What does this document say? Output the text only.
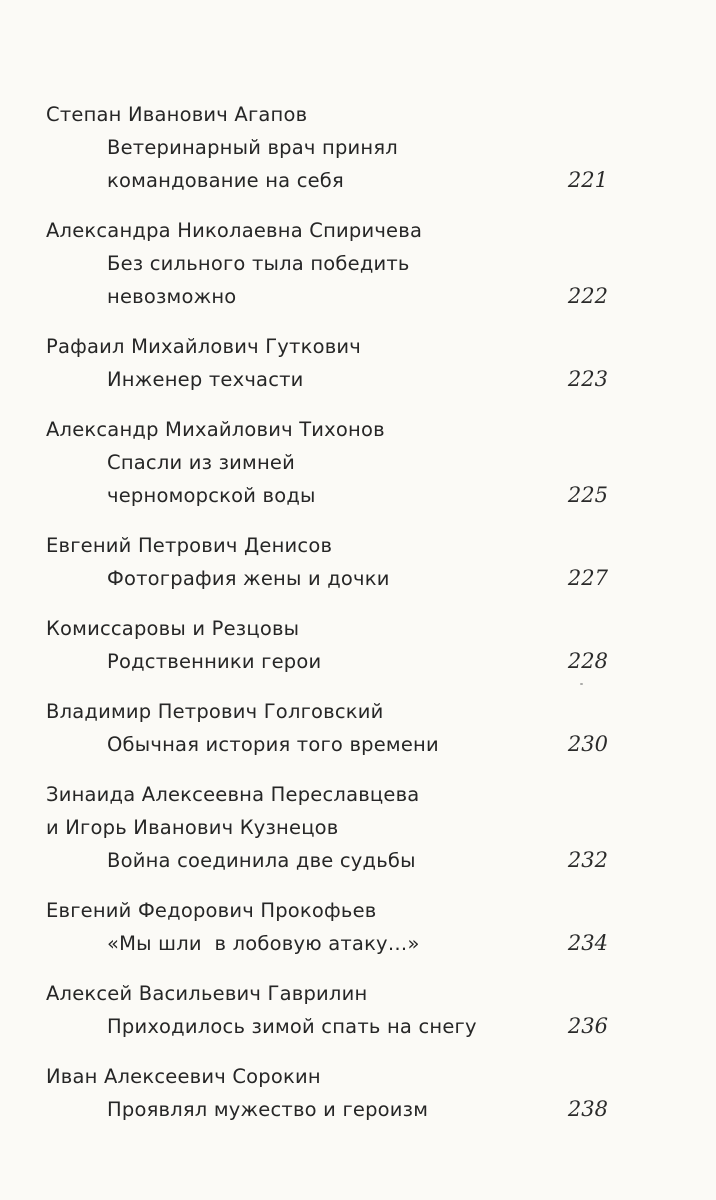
Степан Иванович Агапов
Ветеринарный врач принял
командование на себя	221
Александра Николаевна Спиричева
Без сильного тыла победить
невозможно	222
Рафаил Михайлович Гуткович
Инженер техчасти	223
Александр Михайлович Тихонов
Спасли из зимней
черноморской воды	225
Евгений Петрович Денисов
Фотография жены и дочки	227
Комиссаровы и Резцовы
Родственники герои	228
Владимир Петрович Голговский
Обычная история того времени	230
Зинаида Алексеевна Переславцева
и Игорь Иванович Кузнецов
Война соединила две судьбы	232
Евгений Федорович Прокофьев
«Мы шли  в лобовую атаку…»	234
Алексей Васильевич Гаврилин
Приходилось зимой спать на снегу	236
Иван Алексеевич Сорокин
Проявлял мужество и героизм	238
